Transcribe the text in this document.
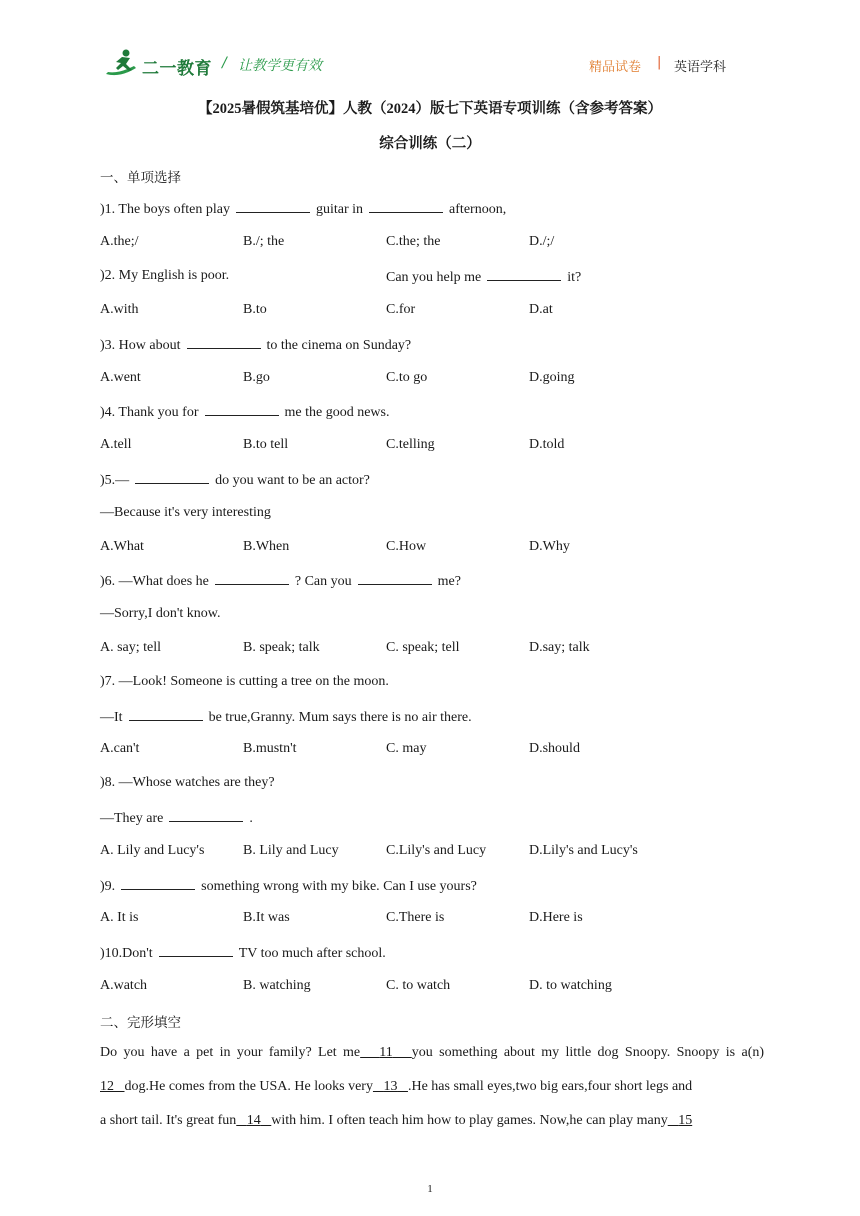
二一教育 / 让教学更有效	精品试卷 | 英语学科
【2025暑假筑基培优】人教（2024）版七下英语专项训练（含参考答案）
综合训练（二）
一、单项选择
)1. The boys often play	guitar in	afternoon,
A.the;/	B./; the	C.the; the	D./;/
)2. My English is poor.	Can you help me	it?
A.with	B.to	C.for	D.at
)3. How about	to the cinema on Sunday?
A.went	B.go	C.to go	D.going
)4. Thank you for	me the good news.
A.tell	B.to tell	C.telling	D.told
)5.—	do you want to be an actor?
—Because it's very interesting
A.What	B.When	C.How	D.Why
)6. —What does he	? Can you	me?
—Sorry,I don't know.
A. say; tell	B. speak; talk	C. speak; tell	D.say; talk
)7. —Look! Someone is cutting a tree on the moon.
—It	be true,Granny. Mum says there is no air there.
A.can't	B.mustn't	C. may	D.should
)8. —Whose watches are they?
—They are	.
A. Lily and Lucy's	B. Lily and Lucy	C.Lily's and Lucy	D.Lily's and Lucy's
)9.	something wrong with my bike. Can I use yours?
A. It is	B.It was	C.There is	D.Here is
)10.Don't	TV too much after school.
A.watch	B. watching	C. to watch	D. to watching
二、完形填空
Do you have a pet in your family? Let me 11 you something about my little dog Snoopy. Snoopy is a(n)
12 dog.He comes from the USA. He looks very 13 .He has small eyes,two big ears,four short legs and
a short tail. It's great fun 14 with him. I often teach him how to play games. Now,he can play many 15
1
